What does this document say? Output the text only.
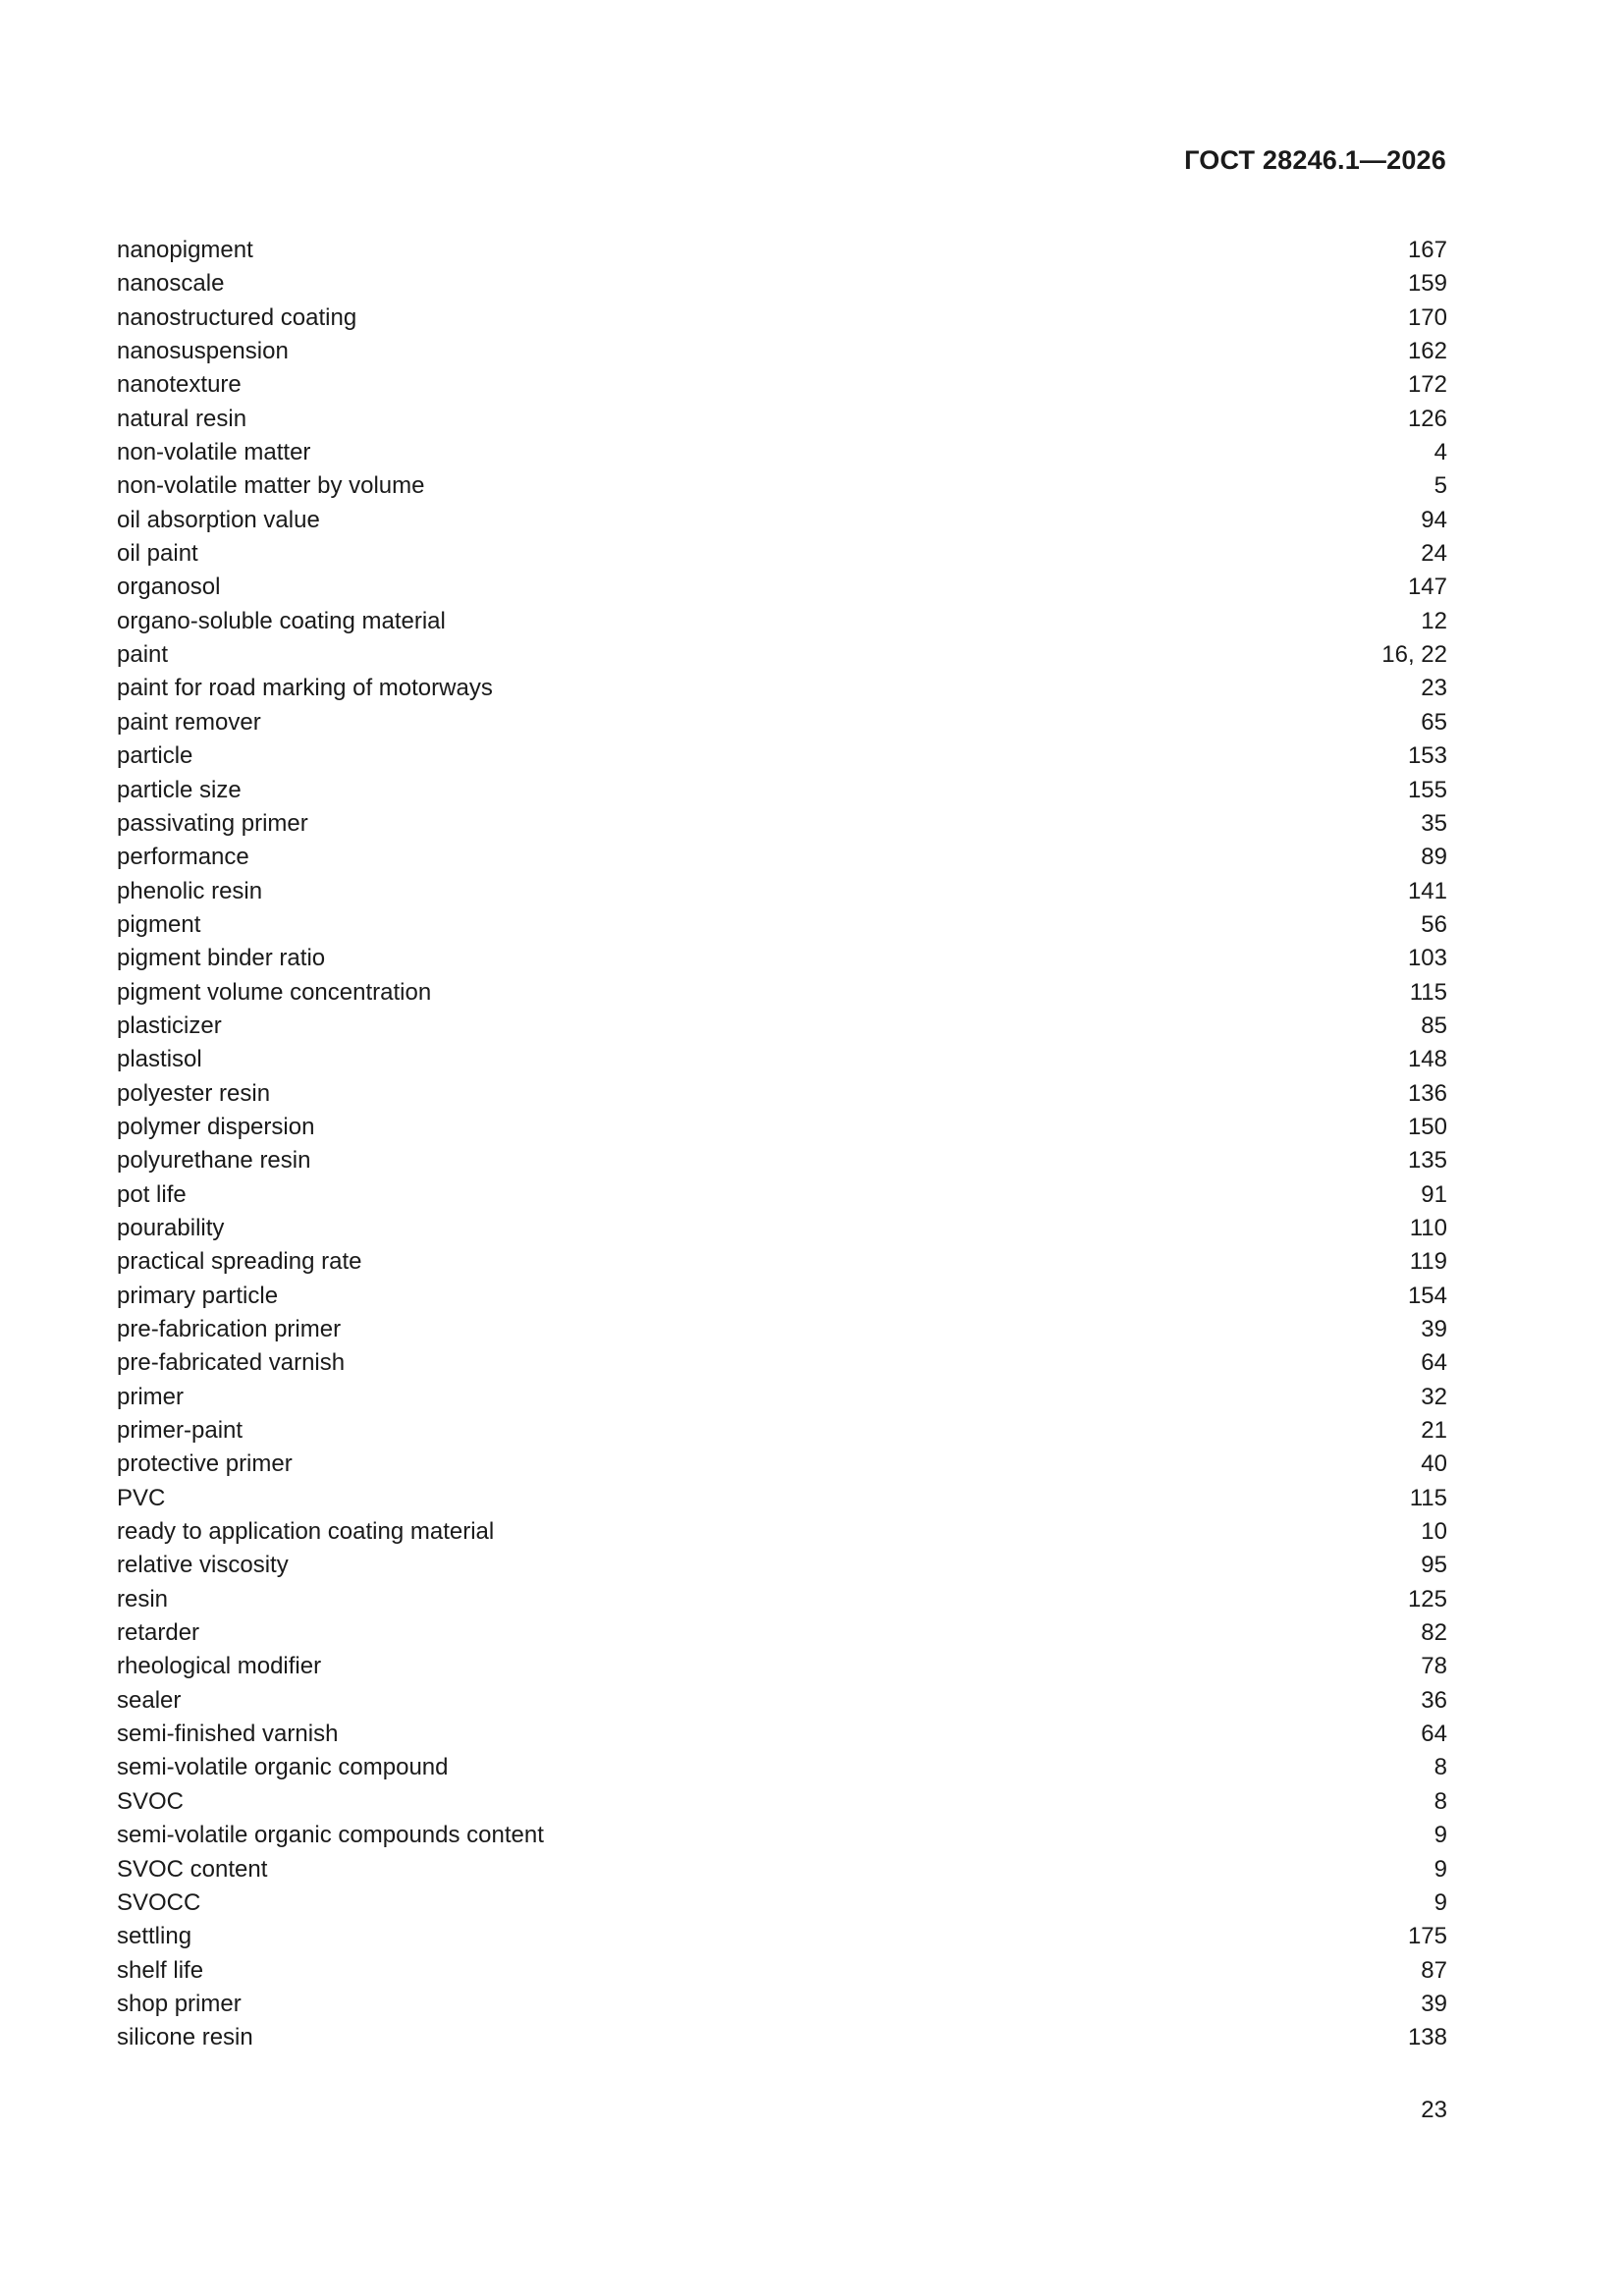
ГОСТ 28246.1—2026
nanopigment	167
nanoscale	159
nanostructured coating	170
nanosuspension	162
nanotexture	172
natural resin	126
non-volatile matter	4
non-volatile matter by volume	5
oil absorption value	94
oil paint	24
organosol	147
organo-soluble coating material	12
paint	16, 22
paint for road marking of motorways	23
paint remover	65
particle	153
particle size	155
passivating primer	35
performance	89
phenolic resin	141
pigment	56
pigment binder ratio	103
pigment volume concentration	115
plasticizer	85
plastisol	148
polyester resin	136
polymer dispersion	150
polyurethane resin	135
pot life	91
pourability	110
practical spreading rate	119
primary particle	154
pre-fabrication primer	39
pre-fabricated varnish	64
primer	32
primer-paint	21
protective primer	40
PVC	115
ready to application coating material	10
relative viscosity	95
resin	125
retarder	82
rheological modifier	78
sealer	36
semi-finished varnish	64
semi-volatile organic compound	8
SVOC	8
semi-volatile organic compounds content	9
SVOC content	9
SVOCC	9
settling	175
shelf life	87
shop primer	39
silicone resin	138
23
